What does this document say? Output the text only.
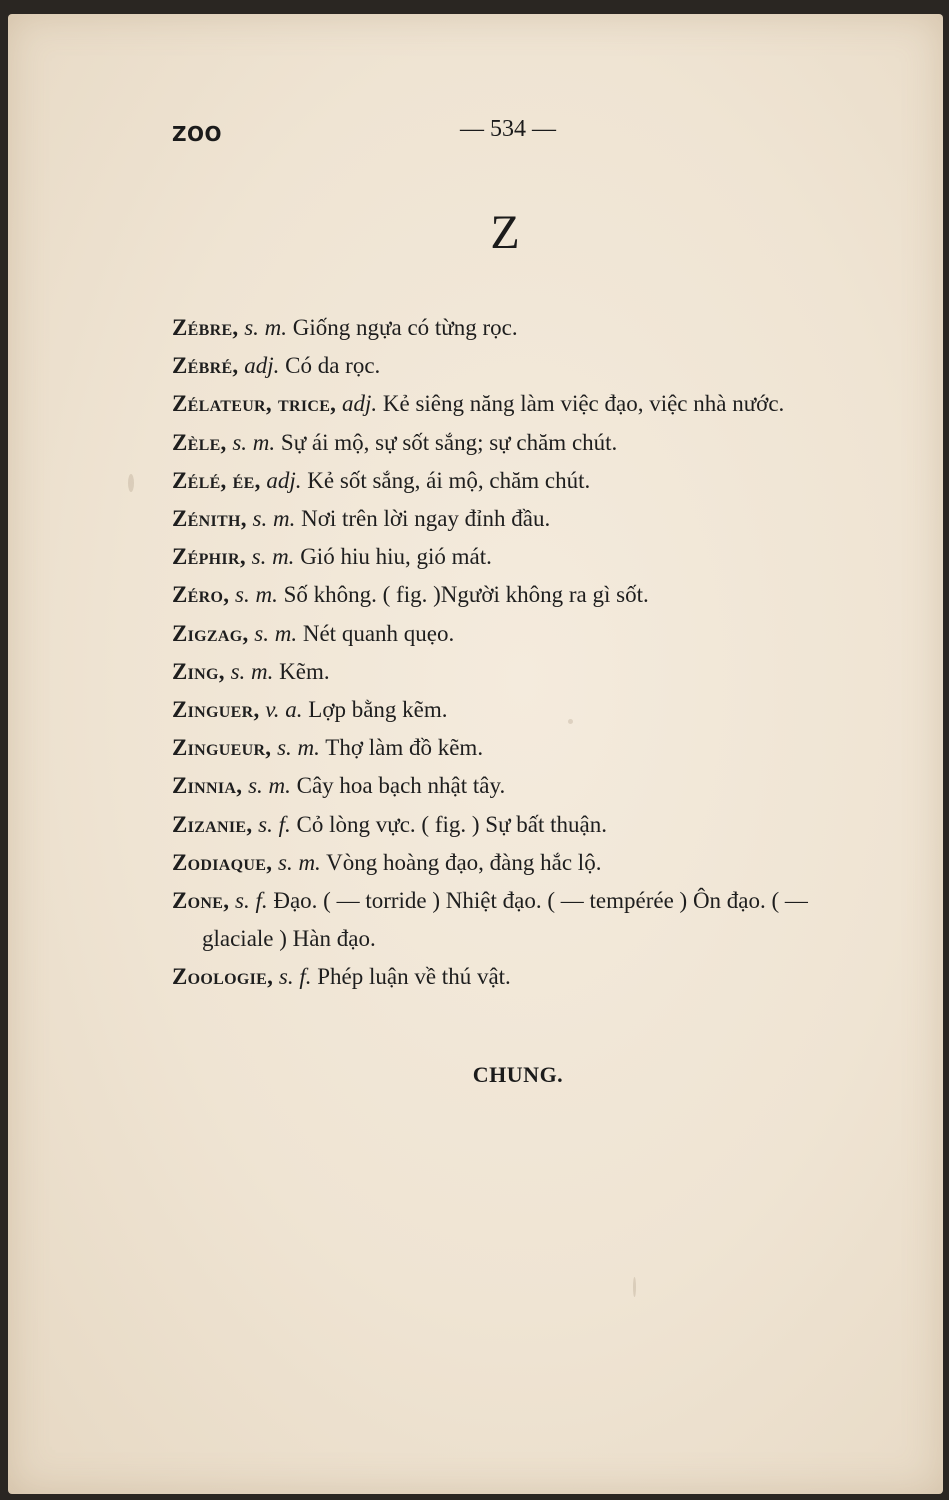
ZOO	— 534 —
Z
Zébre, s. m. Giống ngựa có từng rọc.
Zébré, adj. Có da rọc.
Zélateur, trice, adj. Kẻ siêng năng làm việc đạo, việc nhà nước.
Zèle, s. m. Sự ái mộ, sự sốt sắng; sự chăm chút.
Zélé, ée, adj. Kẻ sốt sắng, ái mộ, chăm chút.
Zénith, s. m. Nơi trên lời ngay đỉnh đầu.
Zéphir, s. m. Gió hiu hiu, gió mát.
Zéro, s. m. Số không. ( fig. )Người không ra gì sốt.
Zigzag, s. m. Nét quanh quẹo.
Zing, s. m. Kẽm.
Zinguer, v. a. Lợp bằng kẽm.
Zingueur, s. m. Thợ làm đồ kẽm.
Zinnia, s. m. Cây hoa bạch nhật tây.
Zizanie, s. f. Cỏ lòng vực. ( fig. ) Sự bất thuận.
Zodiaque, s. m. Vòng hoàng đạo, đàng hắc lộ.
Zone, s. f. Đạo. ( — torride ) Nhiệt đạo. ( — tempérée ) Ôn đạo. ( — glaciale ) Hàn đạo.
Zoologie, s. f. Phép luận về thú vật.
CHUNG.
